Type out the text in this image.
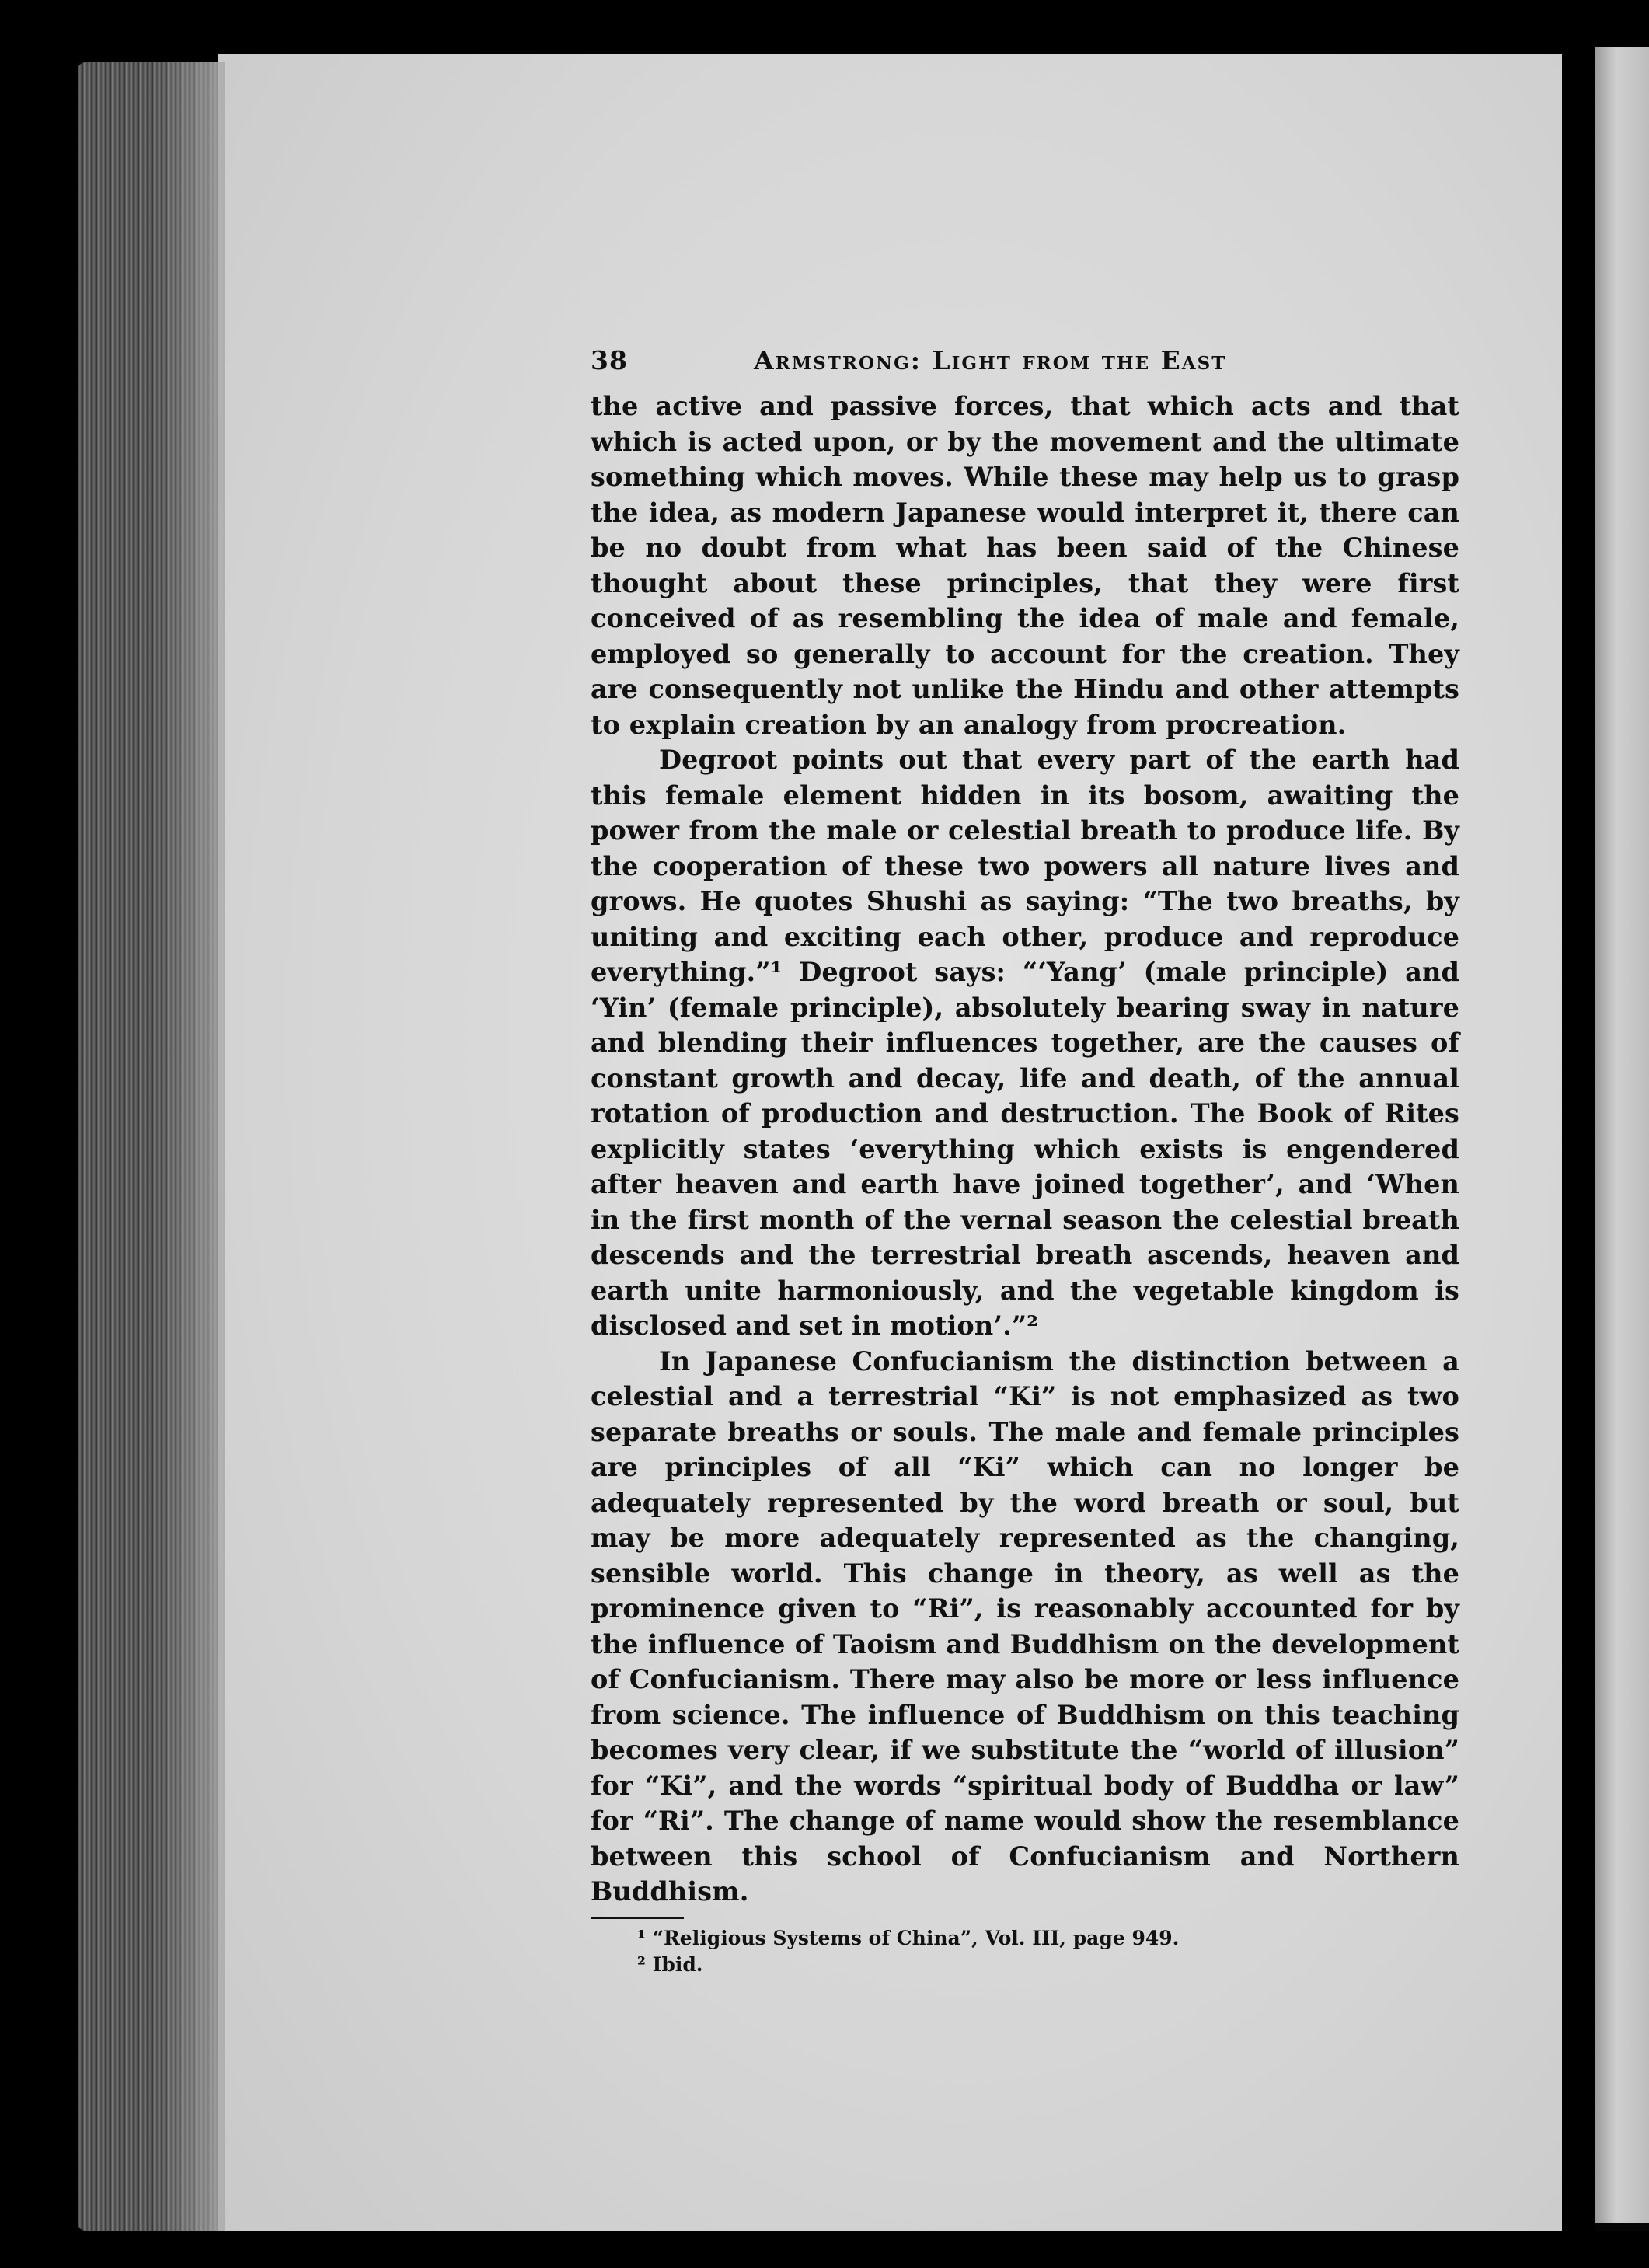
38	Armstrong: Light from the East

the active and passive forces, that which acts and that which is acted upon, or by the movement and the ultimate something which moves. While these may help us to grasp the idea, as modern Japanese would interpret it, there can be no doubt from what has been said of the Chinese thought about these principles, that they were first conceived of as resembling the idea of male and female, employed so generally to account for the creation. They are consequently not unlike the Hindu and other attempts to explain creation by an analogy from procreation.

Degroot points out that every part of the earth had this female element hidden in its bosom, awaiting the power from the male or celestial breath to produce life. By the cooperation of these two powers all nature lives and grows. He quotes Shushi as saying: “The two breaths, by uniting and exciting each other, produce and reproduce everything.”¹ Degroot says: “‘Yang’ (male principle) and ‘Yin’ (female principle), absolutely bearing sway in nature and blending their influences together, are the causes of constant growth and decay, life and death, of the annual rotation of production and destruction. The Book of Rites explicitly states ‘everything which exists is engendered after heaven and earth have joined together’, and ‘When in the first month of the vernal season the celestial breath descends and the terrestrial breath ascends, heaven and earth unite harmoniously, and the vegetable kingdom is disclosed and set in motion’.”²

In Japanese Confucianism the distinction between a celestial and a terrestrial “Ki” is not emphasized as two separate breaths or souls. The male and female principles are principles of all “Ki” which can no longer be adequately represented by the word breath or soul, but may be more adequately represented as the changing, sensible world. This change in theory, as well as the prominence given to “Ri”, is reasonably accounted for by the influence of Taoism and Buddhism on the development of Confucianism. There may also be more or less influence from science. The influence of Buddhism on this teaching becomes very clear, if we substitute the “world of illusion” for “Ki”, and the words “spiritual body of Buddha or law” for “Ri”. The change of name would show the resemblance between this school of Confucianism and Northern Buddhism.

¹ “Religious Systems of China”, Vol. III, page 949.

² Ibid.
